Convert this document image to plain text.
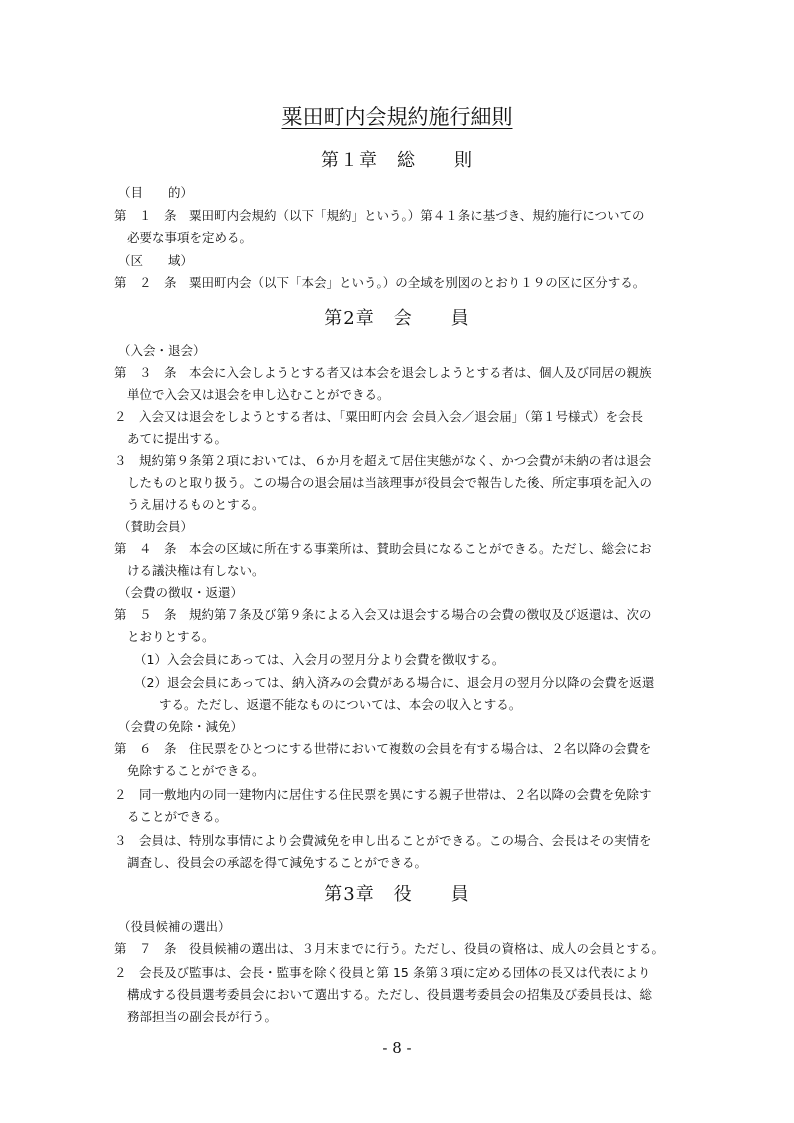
粟田町内会規約施行細則
第１章　総　　則
（目　　的）
第　１　条　粟田町内会規約（以下「規約」という。）第４１条に基づき、規約施行についての
必要な事項を定める。
（区　　域）
第　２　条　粟田町内会（以下「本会」という。）の全域を別図のとおり１９の区に区分する。
第2章　会　　員
（入会・退会）
第　３　条　本会に入会しようとする者又は本会を退会しようとする者は、個人及び同居の親族
単位で入会又は退会を申し込むことができる。
２　入会又は退会をしようとする者は、「粟田町内会 会員入会／退会届」（第１号様式）を会長
あてに提出する。
３　規約第９条第２項においては、６か月を超えて居住実態がなく、かつ会費が未納の者は退会
したものと取り扱う。この場合の退会届は当該理事が役員会で報告した後、所定事項を記入の
うえ届けるものとする。
（賛助会員）
第　４　条　本会の区域に所在する事業所は、賛助会員になることができる。ただし、総会にお
ける議決権は有しない。
（会費の徴収・返還）
第　５　条　規約第７条及び第９条による入会又は退会する場合の会費の徴収及び返還は、次の
とおりとする。
（1）入会会員にあっては、入会月の翌月分より会費を徴収する。
（2）退会会員にあっては、納入済みの会費がある場合に、退会月の翌月分以降の会費を返還
する。ただし、返還不能なものについては、本会の収入とする。
（会費の免除・減免）
第　６　条　住民票をひとつにする世帯において複数の会員を有する場合は、２名以降の会費を
免除することができる。
２　同一敷地内の同一建物内に居住する住民票を異にする親子世帯は、２名以降の会費を免除す
ることができる。
３　会員は、特別な事情により会費減免を申し出ることができる。この場合、会長はその実情を
調査し、役員会の承認を得て減免することができる。
第3章　役　　員
（役員候補の選出）
第　７　条　役員候補の選出は、３月末までに行う。ただし、役員の資格は、成人の会員とする。
２　会長及び監事は、会長・監事を除く役員と第 15 条第３項に定める団体の長又は代表により
構成する役員選考委員会において選出する。ただし、役員選考委員会の招集及び委員長は、総
務部担当の副会長が行う。
- 8 -
